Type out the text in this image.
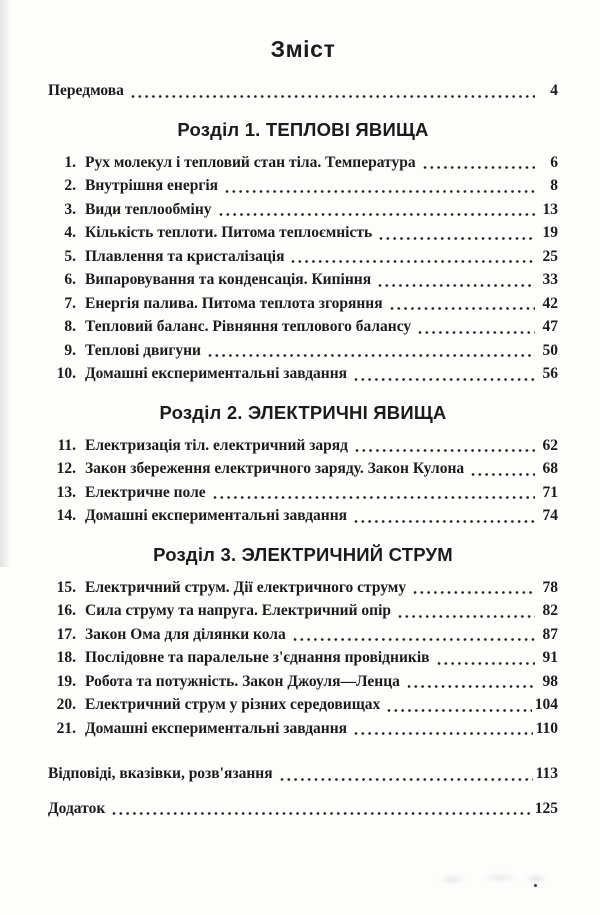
Зміст
Передмова	4
Розділ 1. ТЕПЛОВІ ЯВИЩА
1. Рух молекул і тепловий стан тіла. Температура	6
2. Внутрішня енергія	8
3. Види теплообміну	13
4. Кількість теплоти. Питома теплоємність	19
5. Плавлення та кристалізація	25
6. Випаровування та конденсація. Кипіння	33
7. Енергія палива. Питома теплота згоряння	42
8. Тепловий баланс. Рівняння теплового балансу	47
9. Теплові двигуни	50
10. Домашні експериментальні завдання	56
Розділ 2. ЭЛЕКТРИЧНІ ЯВИЩА
11. Електризація тіл. електричний заряд	62
12. Закон збереження електричного заряду. Закон Кулона	68
13. Електричне поле	71
14. Домашні експериментальні завдання	74
Розділ 3. ЭЛЕКТРИЧНИЙ СТРУМ
15. Електричний струм. Дії електричного струму	78
16. Сила струму та напруга. Електричний опір	82
17. Закон Ома для ділянки кола	87
18. Послідовне та паралельне з'єднання провідників	91
19. Робота та потужність. Закон Джоуля—Ленца	98
20. Електричний струм у різних середовищах	104
21. Домашні експериментальні завдання	110
Відповіді, вказівки, розв'язання	113
Додаток	125
